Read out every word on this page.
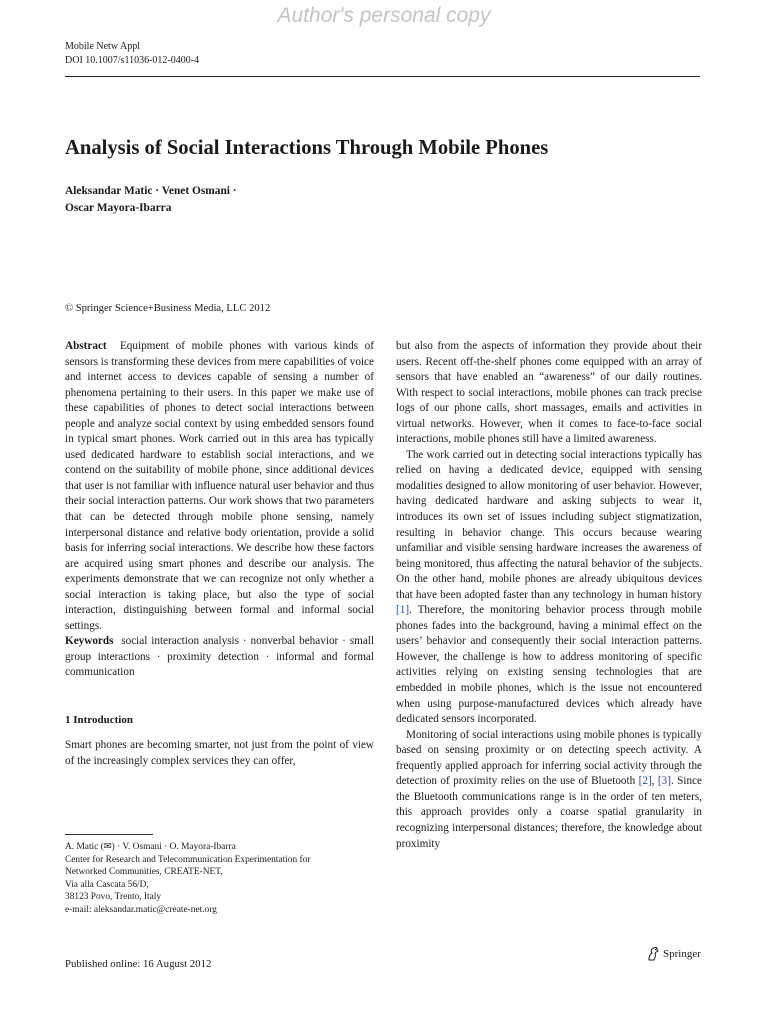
Author's personal copy
Mobile Netw Appl
DOI 10.1007/s11036-012-0400-4
Analysis of Social Interactions Through Mobile Phones
Aleksandar Matic · Venet Osmani ·
Oscar Mayora-Ibarra
© Springer Science+Business Media, LLC 2012

Abstract Equipment of mobile phones with various kinds of sensors is transforming these devices from mere capabilities of voice and internet access to devices capable of sensing a number of phenomena pertaining to their users. In this paper we make use of these capabilities of phones to detect social interactions between people and analyze social context by using embedded sensors found in typical smart phones. Work carried out in this area has typically used dedicated hardware to establish social interactions, and we contend on the suitability of mobile phone, since additional devices that user is not familiar with influence natural user behavior and thus their social interaction patterns. Our work shows that two parameters that can be detected through mobile phone sensing, namely interpersonal distance and relative body orientation, provide a solid basis for inferring social interactions. We describe how these factors are acquired using smart phones and describe our analysis. The experiments demonstrate that we can recognize not only whether a social interaction is taking place, but also the type of social interaction, distinguishing between formal and informal social settings.

Keywords social interaction analysis · nonverbal behavior · small group interactions · proximity detection · informal and formal communication

1 Introduction

Smart phones are becoming smarter, not just from the point of view of the increasingly complex services they can offer,

but also from the aspects of information they provide about their users. Recent off-the-shelf phones come equipped with an array of sensors that have enabled an “awareness” of our daily routines. With respect to social interactions, mobile phones can track precise logs of our phone calls, short massages, emails and activities in virtual networks. However, when it comes to face-to-face social interactions, mobile phones still have a limited awareness.

The work carried out in detecting social interactions typically has relied on having a dedicated device, equipped with sensing modalities designed to allow monitoring of user behavior. However, having dedicated hardware and asking subjects to wear it, introduces its own set of issues including subject stigmatization, resulting in behavior change. This occurs because wearing unfamiliar and visible sensing hardware increases the awareness of being monitored, thus affecting the natural behavior of the subjects. On the other hand, mobile phones are already ubiquitous devices that have been adopted faster than any technology in human history [1]. Therefore, the monitoring behavior process through mobile phones fades into the background, having a minimal effect on the users’ behavior and consequently their social interaction patterns. However, the challenge is how to address monitoring of specific activities relying on existing sensing technologies that are embedded in mobile phones, which is the issue not encountered when using purpose-manufactured devices which already have dedicated sensors incorporated.

Monitoring of social interactions using mobile phones is typically based on sensing proximity or on detecting speech activity. A frequently applied approach for inferring social activity through the detection of proximity relies on the use of Bluetooth [2], [3]. Since the Bluetooth communications range is in the order of ten meters, this approach provides only a coarse spatial granularity in recognizing interpersonal distances; therefore, the knowledge about proximity

A. Matic (✉) · V. Osmani · O. Mayora-Ibarra
Center for Research and Telecommunication Experimentation for
Networked Communities, CREATE-NET,
Via alla Cascata 56/D,
38123 Povo, Trento, Italy
e-mail: aleksandar.matic@create-net.org
Published online: 16 August 2012
Springer
